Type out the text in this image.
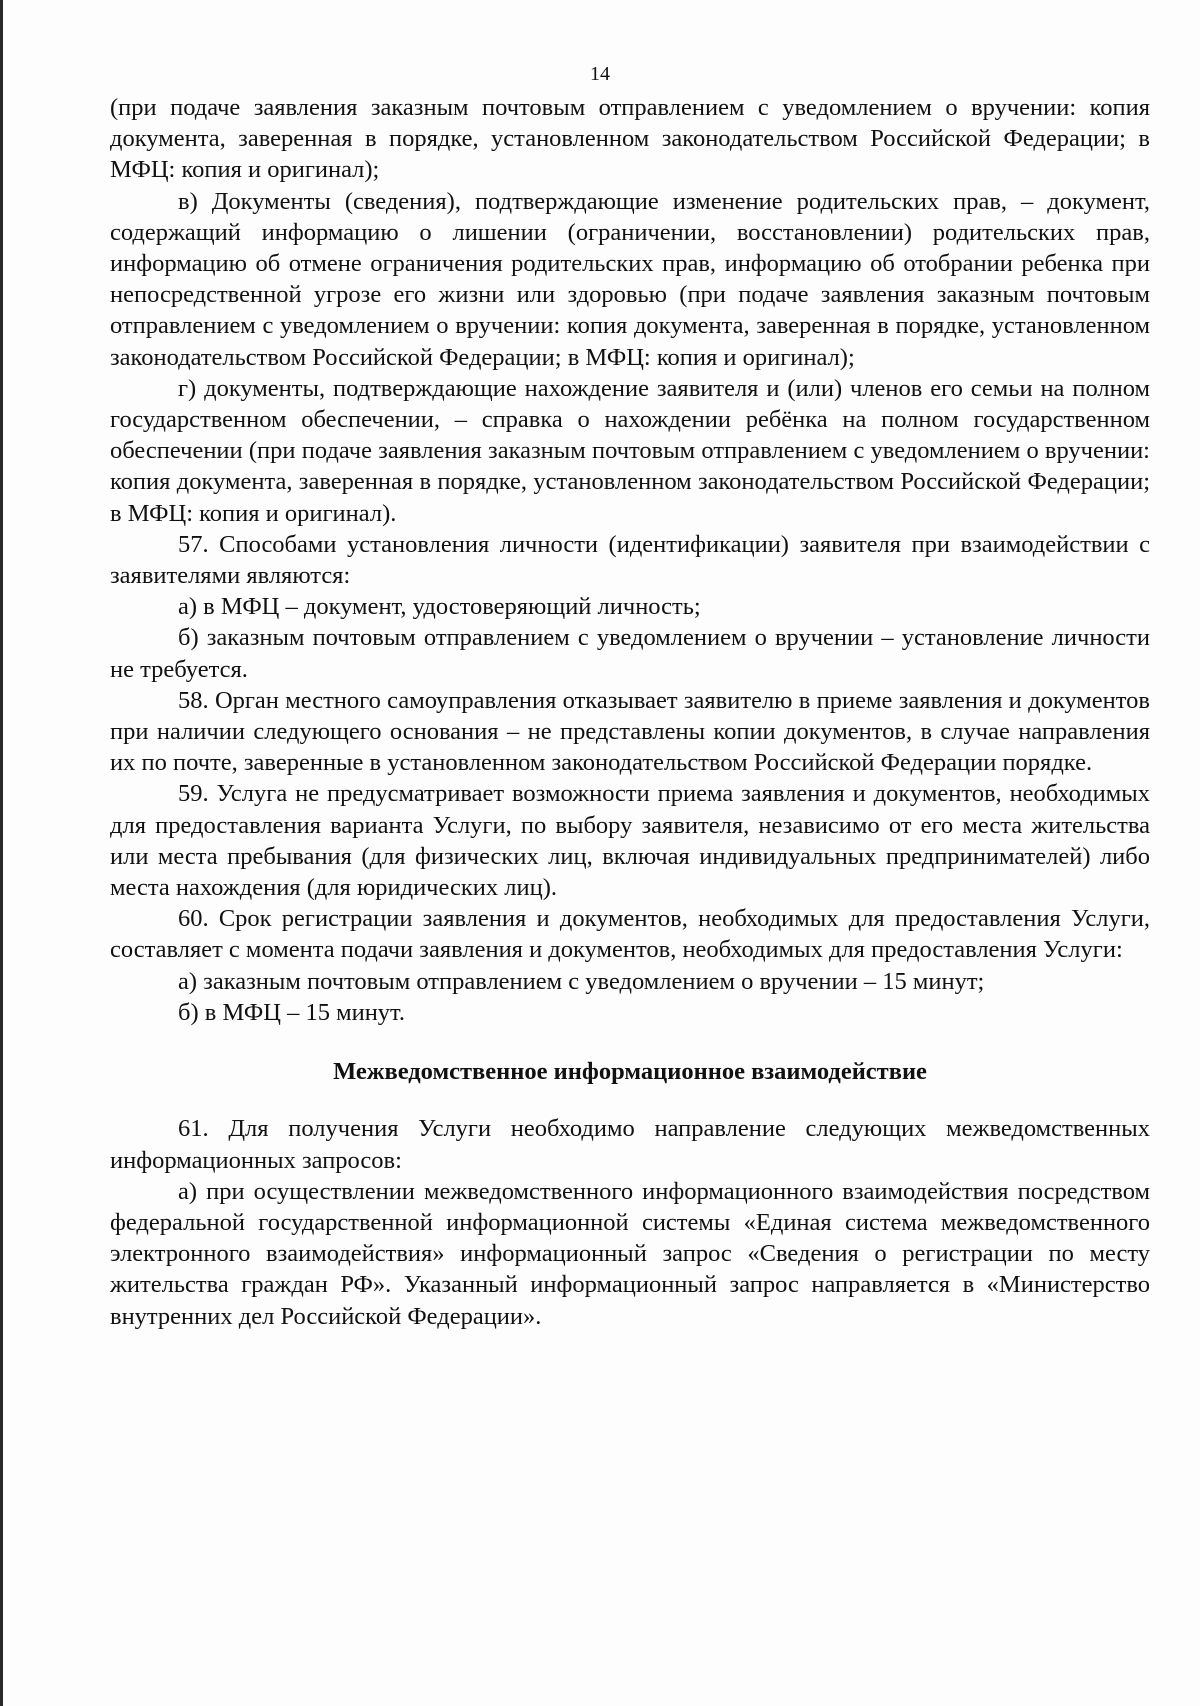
14

(при подаче заявления заказным почтовым отправлением с уведомлением о вручении: копия документа, заверенная в порядке, установленном законодательством Российской Федерации; в МФЦ: копия и оригинал);

в) Документы (сведения), подтверждающие изменение родительских прав, – документ, содержащий информацию о лишении (ограничении, восстановлении) родительских прав, информацию об отмене ограничения родительских прав, информацию об отобрании ребенка при непосредственной угрозе его жизни или здоровью (при подаче заявления заказным почтовым отправлением с уведомлением о вручении: копия документа, заверенная в порядке, установленном законодательством Российской Федерации; в МФЦ: копия и оригинал);

г) документы, подтверждающие нахождение заявителя и (или) членов его семьи на полном государственном обеспечении, – справка о нахождении ребёнка на полном государственном обеспечении (при подаче заявления заказным почтовым отправлением с уведомлением о вручении: копия документа, заверенная в порядке, установленном законодательством Российской Федерации; в МФЦ: копия и оригинал).

57. Способами установления личности (идентификации) заявителя при взаимодействии с заявителями являются:

а) в МФЦ – документ, удостоверяющий личность;

б) заказным почтовым отправлением с уведомлением о вручении – установление личности не требуется.

58. Орган местного самоуправления отказывает заявителю в приеме заявления и документов при наличии следующего основания – не представлены копии документов, в случае направления их по почте, заверенные в установленном законодательством Российской Федерации порядке.

59. Услуга не предусматривает возможности приема заявления и документов, необходимых для предоставления варианта Услуги, по выбору заявителя, независимо от его места жительства или места пребывания (для физических лиц, включая индивидуальных предпринимателей) либо места нахождения (для юридических лиц).

60. Срок регистрации заявления и документов, необходимых для предоставления Услуги, составляет с момента подачи заявления и документов, необходимых для предоставления Услуги:

а) заказным почтовым отправлением с уведомлением о вручении – 15 минут;

б) в МФЦ – 15 минут.

Межведомственное информационное взаимодействие

61. Для получения Услуги необходимо направление следующих межведомственных информационных запросов:

а) при осуществлении межведомственного информационного взаимодействия посредством федеральной государственной информационной системы «Единая система межведомственного электронного взаимодействия» информационный запрос «Сведения о регистрации по месту жительства граждан РФ». Указанный информационный запрос направляется в «Министерство внутренних дел Российской Федерации».
